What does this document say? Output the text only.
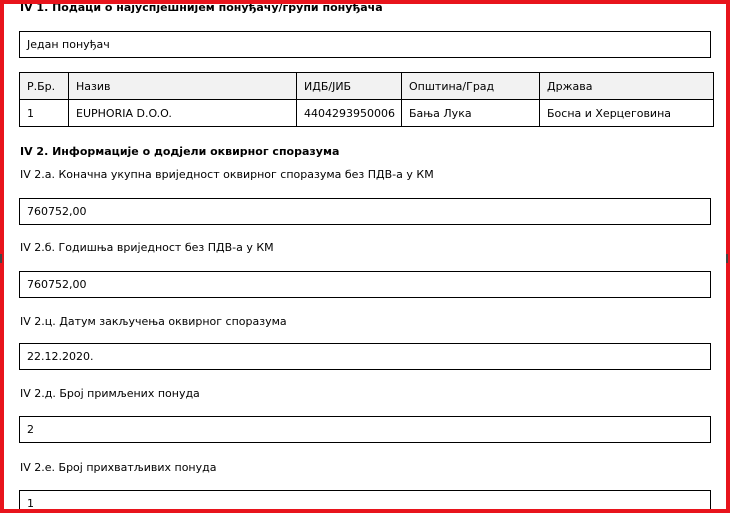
IV 1. Подаци о најуспјешнијем понуђачу/групи понуђача
Један понуђач
Р.Бр.	Назив	ИДБ/ЈИБ	Општина/Град	Држава
1	EUPHORIA D.O.O.	4404293950006	Бања Лука	Босна и Херцеговина
IV 2. Информације о додјели оквирног споразума
IV 2.а. Коначна укупна вриједност оквирног споразума без ПДВ-а у КМ
760752,00
IV 2.б. Годишња вриједност без ПДВ-а у КМ
760752,00
IV 2.ц. Датум закључења оквирног споразума
22.12.2020.
IV 2.д. Број примљених понуда
2
IV 2.е. Број прихватљивих понуда
1
